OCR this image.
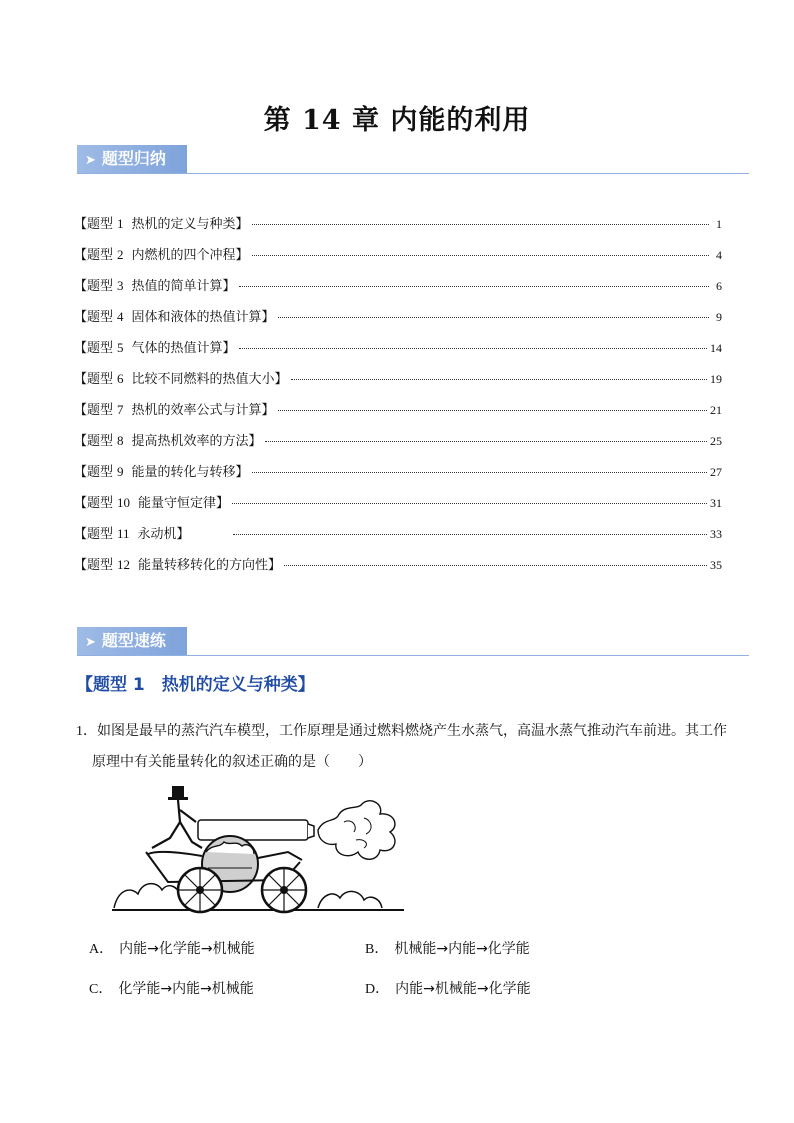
第 14 章 内能的利用
➤ 题型归纳
【题型 1 热机的定义与种类】	1
【题型 2 内燃机的四个冲程】	4
【题型 3 热值的简单计算】	6
【题型 4 固体和液体的热值计算】	9
【题型 5 气体的热值计算】	14
【题型 6 比较不同燃料的热值大小】	19
【题型 7 热机的效率公式与计算】	21
【题型 8 提高热机效率的方法】	25
【题型 9 能量的转化与转移】	27
【题型 10 能量守恒定律】	31
【题型 11 永动机】	33
【题型 12 能量转移转化的方向性】	35
➤ 题型速练
【题型 1　热机的定义与种类】
1．如图是最早的蒸汽汽车模型，工作原理是通过燃料燃烧产生水蒸气，高温水蒸气推动汽车前进。其工作
原理中有关能量转化的叙述正确的是（　　）
A． 内能→化学能→机械能	B． 机械能→内能→化学能
C． 化学能→内能→机械能	D． 内能→机械能→化学能
